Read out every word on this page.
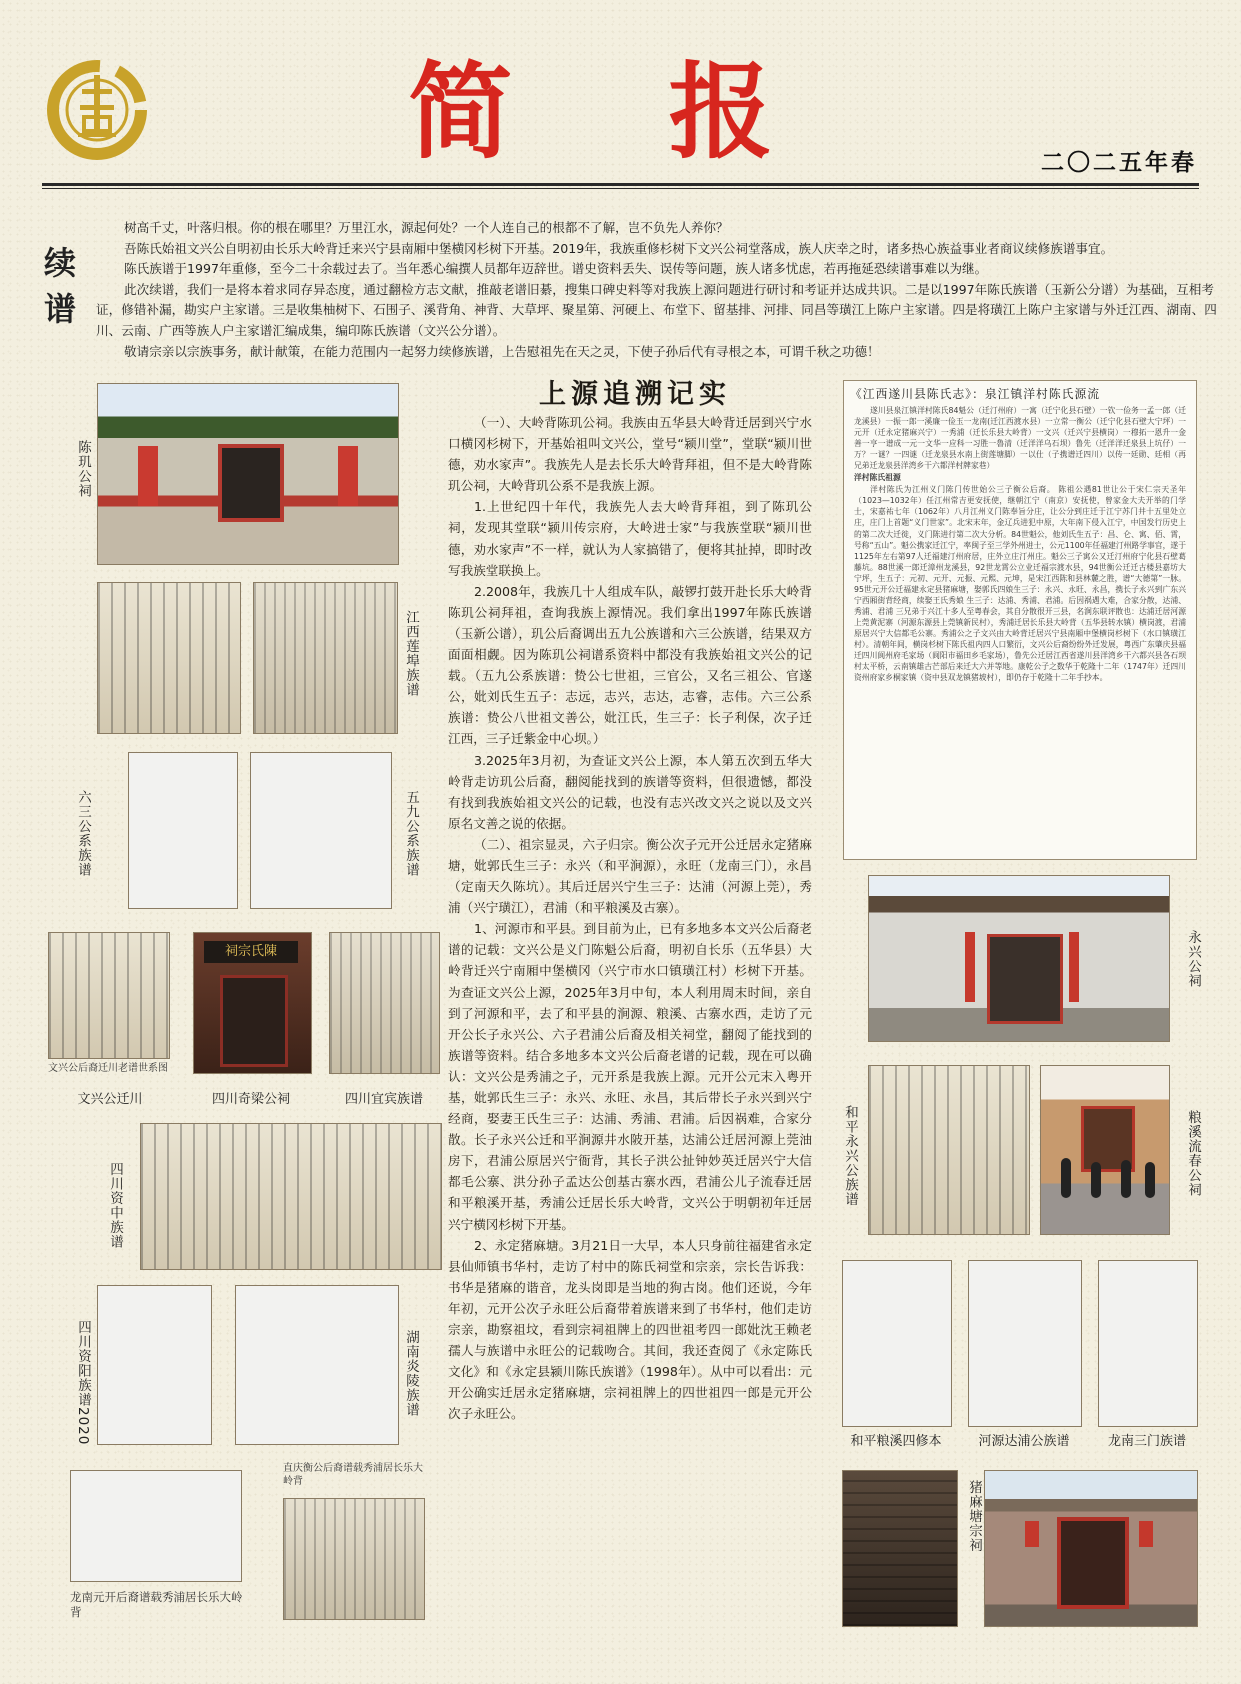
简 报	二〇二五年春
续谱

树高千丈，叶落归根。你的根在哪里？万里江水，源起何处？一个人连自己的根都不了解，岂不负先人养你？

吾陈氏始祖文兴公自明初由长乐大岭背迁来兴宁县南厢中堡横冈杉树下开基。2019年，我族重修杉树下文兴公祠堂落成，族人庆幸之时，诸多热心族益事业者商议续修族谱事宜。

陈氏族谱于1997年重修，至今二十余载过去了。当年悉心编撰人员都年迈辞世。谱史资料丢失、误传等问题，族人诸多忧虑，若再拖延恐续谱事难以为继。

此次续谱，我们一是将本着求同存异态度，通过翻检方志文献，推敲老谱旧綦，搜集口碑史料等对我族上源问题进行研讨和考证并达成共识。二是以1997年陈氏族谱（玉新公分谱）为基础，互相考证，修错补漏，勘实户主家谱。三是收集柚树下、石围子、溪背角、神背、大草坪、聚星第、河硬上、布堂下、留基排、河排、同昌等璜江上陈户主家谱。四是将璜江上陈户主家谱与外迁江西、湖南、四川、云南、广西等族人户主家谱汇编成集，编印陈氏族谱（文兴公分谱）。

敬请宗亲以宗族事务，献计献策，在能力范围内一起努力续修族谱，上告慰祖先在天之灵，下使子孙后代有寻根之本，可谓千秋之功德！

陈玑公祠
江西莲埠族谱
六三公系族谱	五九公系族谱
文兴公后裔迁川老谱世系图
文兴公迁川
祠宗氏陳
四川奇梁公祠	四川宜宾族谱
四川资中族谱
四川资阳族谱2020	湖南炎陵族谱
龙南元开后裔谱载秀浦居长乐大岭背
直庆衡公后裔谱载秀浦居长乐大岭背
上源追溯记实

（一）、大岭背陈玑公祠。我族由五华县大岭背迁居到兴宁水口横冈杉树下，开基始祖叫文兴公，堂号“颍川堂”，堂联“颍川世德，劝水家声”。我族先人是去长乐大岭背拜祖，但不是大岭背陈玑公祠，大岭背玑公系不是我族上源。

1.上世纪四十年代，我族先人去大岭背拜祖，到了陈玑公祠，发现其堂联“颍川传宗府，大岭进士家”与我族堂联“颍川世德，劝水家声”不一样，就认为人家搞错了，便将其扯掉，即时改写我族堂联换上。

2.2008年，我族几十人组成车队，敲锣打鼓开赴长乐大岭背陈玑公祠拜祖，查询我族上源情况。我们拿出1997年陈氏族谱（玉新公谱），玑公后裔调出五九公族谱和六三公族谱，结果双方面面相觑。因为陈玑公祠谱系资料中都没有我族始祖文兴公的记载。（五九公系族谱：贽公七世祖，三官公，又名三祖公、官遂公，妣刘氏生五子：志远，志兴，志达，志睿，志伟。六三公系族谱：贽公八世祖文善公，妣江氏，生三子：长子利保，次子迁江西，三子迁紫金中心坝。）

3.2025年3月初，为查证文兴公上源，本人第五次到五华大岭背走访玑公后裔，翻阅能找到的族谱等资料，但很遗憾，都没有找到我族始祖文兴公的记载，也没有志兴改文兴之说以及文兴原名文善之说的依据。

（二）、祖宗显灵，六子归宗。衡公次子元开公迁居永定猪麻塘，妣郭氏生三子：永兴（和平涧源），永旺（龙南三门），永昌（定南天久陈坑）。其后迁居兴宁生三子：达浦（河源上莞），秀浦（兴宁璜江），君浦（和平粮溪及古寨）。

1、河源市和平县。到目前为止，已有多地多本文兴公后裔老谱的记载：文兴公是义门陈魁公后裔，明初自长乐（五华县）大岭背迁兴宁南厢中堡横冈（兴宁市水口镇璜江村）杉树下开基。为查证文兴公上源，2025年3月中旬，本人利用周末时间，亲自到了河源和平，去了和平县的涧源、粮溪、古寨水西，走访了元开公长子永兴公、六子君浦公后裔及相关祠堂，翻阅了能找到的族谱等资料。结合多地多本文兴公后裔老谱的记载，现在可以确认：文兴公是秀浦之子，元开系是我族上源。元开公元末入粤开基，妣郭氏生三子：永兴、永旺、永昌，其后带长子永兴到兴宁经商，娶妻王氏生三子：达浦、秀浦、君浦。后因祸难，合家分散。长子永兴公迁和平涧源井水陂开基，达浦公迁居河源上莞油房下，君浦公原居兴宁衙背，其长子洪公扯钟妙英迁居兴宁大信都毛公寨、洪分孙子孟达公创基古寨水西，君浦公儿子流春迁居和平粮溪开基，秀浦公迁居长乐大岭背，文兴公于明朝初年迁居兴宁横冈杉树下开基。

2、永定猪麻塘。3月21日一大早，本人只身前往福建省永定县仙师镇书华村，走访了村中的陈氏祠堂和宗亲，宗长告诉我：书华是猪麻的谐音，龙头岗即是当地的狗古岗。他们还说，今年年初，元开公次子永旺公后裔带着族谱来到了书华村，他们走访宗亲，勘察祖坟，看到宗祠祖牌上的四世祖考四一郎妣沈王赖老孺人与族谱中永旺公的记载吻合。其间，我还查阅了《永定陈氏文化》和《永定县颍川陈氏族谱》（1998年）。从中可以看出：元开公确实迁居永定猪麻塘，宗祠祖牌上的四世祖四一郎是元开公次子永旺公。

《江西遂川县陈氏志》：泉江镇洋村陈氏源流

遂川县泉江镇洋村陈氏84魁公（迁汀州府）一寓（迁宁化县石壁）一钦一俭务一孟一郎（迁龙溪县）一振一郎一溪廉一俭玉一龙南(迁江西渡水县）一立常一衡公（迁宁化县石壁大宁坪）一元开（迁永定猪麻兴宁）一秀浦（迁长乐县大岭背）一文兴（迁兴宁县横岗）一穆拓一恩升一金善一亨一谱成一元一文华一应科一习胜一魯清（迁洋洋乌石坝）鲁先（迁洋洋迁泉县上坑仔）一万？一谜？一四谜（迁龙泉县水南上街莲塘脚）一以仕（子携谱迁四川）以传一廷勋、廷相（再兄弟迁龙泉县洋湾乡干六都洋村牌家巷）

洋村陈氏祖源

洋村陈氏为江州义门陈门传世始公三子衡公后裔。 陈祖公遇81世让公于宋仁宗天圣年（1023—1032年）任江州常吉更安抚使，继朝江宁（南京）安抚使，曾家金大夫开举的门学士，宋嘉祐七年（1062年）八月江州义门陈奉旨分庄，让公分到庄迁于江宁苏门井十五里处立庄，庄门上首题“义门世家”。北宋末年，金辽兵进犯中原，大年南下侵入江宁，中国发行历史上的第二次大迁徙，义门陈进行第二次大分析。84世魁公，他刘氏生五子：昌、仑、寓、佰、霄，号称“五山”。魁公携家迁江宁，率闽子至三学外州进士，公元1100年任福建汀州路学事官，遂于1125年左右第97人迁福建汀州府居，庄外立庄汀州庄。魁公三子寓公又迁汀州府宁化县石壁葛藤坑。88世溪一郎迁漳州龙溪县，92世龙霄公立业迁福宗渡水县，94世衡公迁迁古楼县嘉坊大宁坪，生五子：元初、元开、元振、元熙、元坤，是宋江西陈和县林麓之胜，谱“大德第”一脉。95世元开公迁福建永定县猪麻塘，娶郭氏四娘生三子：永兴、永旺、永昌，携长子永兴到广东兴宁西厢街背经商，续娶王氏秀娘 生三子：达浦、秀浦、君浦。后因祸遇大难，合家分散，达浦、秀浦、君浦 三兄弟于兴江十多人至粤春会，其自分散很开三县，名涧东联评散也：达浦迁居河源上莞黄泥寨（河源东源县上莞镇新民村），秀浦迁居长乐县大岭背（五华县转水镇）横岗渡，君浦原居兴宁大信都毛公寨。秀浦公之子文兴由大岭背迁居兴宁县南厢中堡横岗杉树下（水口镇璜江村）。清朝年间，横岗杉树下陈氏祖内四人口繁衍，文兴公后裔纷纷外迁发展，粤西广东肇庆县福迁四川阆州府毛家场（阆阳市福田乡毛家场），鲁先公迁居江西省遂川县洋湾乡干六都兴县各石坝村太平桥，云南镇雄古芒部后来迁大六并等地。康乾公子之数华于乾隆十二年（1747年）迁四川资州府家乡桐家镇（资中县双龙镇猪坡村），即仍存于乾隆十二年手抄本。

永兴公祠
和平永兴公族谱	粮溪流春公祠
和平粮溪四修本	河源达浦公族谱	龙南三门族谱
猪麻塘宗祠
